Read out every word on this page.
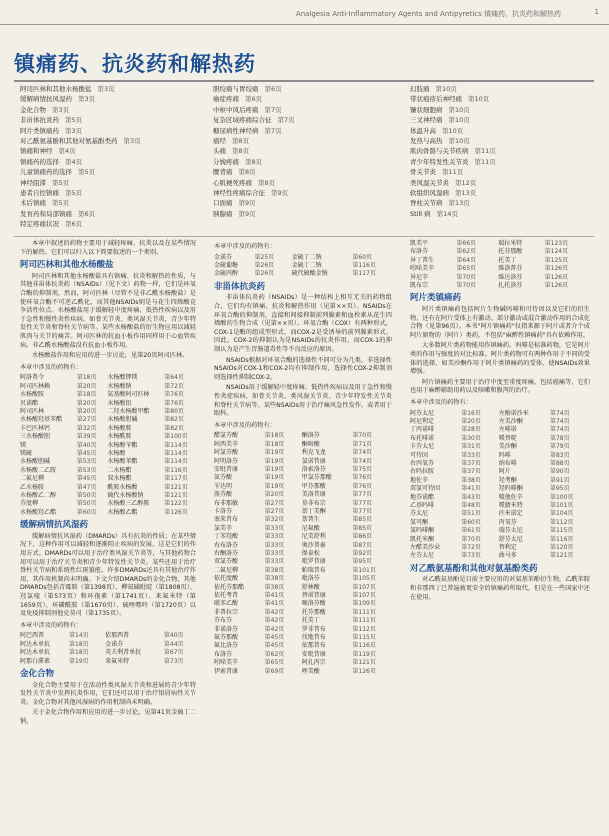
Analgesia Anti-Inflammatory Agents and Antipyretics 镇痛药、抗炎药和解热药	1
镇痛药、抗炎药和解热药
阿司匹林和其他水杨酸盐 第3页
缓解病情抗风湿药 第3页
金化合物 第3页
非甾体抗炎药 第5页
阿片类镇痛药 第3页
对乙酰氨基酚和其他对氨基酚类药 第3页
镇痛和神经 第4页
镇痛药的选择 第4页
儿童镇痛药的选择 第5页
神经阻滞 第5页
患者自控镇痛 第5页
术后镇痛 第5页
发育药和局部镇痛 第6页
特定疼痛状况 第6页
胆绞痛与胃绞痛 第6页
癌症疼痛 第6页
中枢中风后疼痛 第7页
复杂区域疼痛综合征 第7页
糖尿病性神经病 第7页
痛经 第8页
头痛 第8页
分娩疼痛 第8页
腰背痛 第8页
心肌梗死疼痛 第8页
神经性疼痛综合征 第9页
口面痛 第9页
胰腺痛 第9页
幻肢痛 第10页
带状疱疹后神经痛 第10页
镰状细胞病 第10页
三叉神经痛 第10页
体温升高 第10页
发热与高热 第10页
肌肉骨骼与关节疾病 第11页
青少年特发性关节炎 第11页
骨关节炎 第11页
类风湿关节炎 第12页
软组织风湿病 第13页
脊柱关节病 第13页
Still 病 第14页

本章中叙述的药物主要用于减轻疼痛、抗炎以及在某些情况下的解热。它们可以归入以下简要叙述的一个类别。

阿司匹林和其他水杨酸盐

阿司匹林和其他水杨酸盐具有镇痛、抗炎和解热的性质，与其他非甾体抗炎药（NSAIDs）（见下文）药物一样，它们是环氧合酶的抑制剂，然而，阿司匹林（尽管不是非乙酰水杨酸盐）是使环氧合酶不可逆乙酰化，而其他NSAIDs则是与花生四烯酸竞争活性位点。水杨酸盐用于缓解轻中度疼痛、低热性疾病以及用于急性和慢性炎性疾病，如骨关节炎、类风湿关节炎，青少年特发性关节炎和脊柱关节病等。某些水杨酸盐的衍生物应用以减轻肌肉与关节的痛苦。阿司匹林的抗血小板作用同样用于心血管疾病。非乙酰水杨酸盐没有抗血小板作用。

水杨酸盐作用和应用的进一步讨论，见第20页阿司匹林。

本章中涉及的药物有：
阿洛普令	第18页		水杨酸钾镁	第64页
阿司匹林赖	第20页		水杨酸钠	第72页
水杨酸胺	第18页		氨基酸阿司匹林	第76页
贝诺酯	第20页		水杨酸铝	第76页
阿司匹林	第20页		二羟水杨酸甲酯	第80页
水杨酸羟基苯酯	第27页		水杨酸胆碱	第82页
卡巴匹林钙	第32页		水杨酸胺	第82页
三水杨酸胆	第39页		水杨酰胺	第100页
镁	第40页		水杨酸苄酯	第114页
镁硫	第45页		水杨酸	第114页
水杨酸胆碱	第53页		水杨酸苯酯	第114页
水杨酸二乙胺	第53页		二水杨酯	第116页
二氟尼柳	第45页		双水杨酯	第117页
乙水杨胺	第47页		酰胺水杨酸	第121页
水杨酸乙二醇	第50页		硫代水杨酸钠	第121页
芬度柳	第50页		水杨酸三乙醇胺	第122页
水杨酸羟乙酯	第60页		水杨酸乙酯	第126页
缓解病情抗风湿药

缓解病情抗风湿药（DMARDs）具有抗炎的性质；在某些情况下，这种作用可以减轻和逐渐阻止疾病的发展，这是它们的作用方式。DMARDs可以用于治疗类风湿关节炎等，与其他药物合用可以用于治疗关节炎和青少年特发性关节炎。某些还用于治疗脊柱关节病和系统性红斑狼疮。许多DMARDs还具有其他治疗作用，其作用机制尚未明确。下文介绍DMARDs的金化合物，其他DMARDs包括青霉胺（第1398页）、柳氮磺吡啶（第1808页）、羟氯喹（第573页）和环孢素（第1741页）、来氟米特（第1659页）、环磷酰胺（第1670页）、硫唑嘌呤（第1720页）以及免疫抑制剂他克莫司（第1735页）。

本章中涉及的药物有：
阿巴西普	第14页		依那西普	第40页
阿达木单抗	第18页		金诺芬	第44页
阿达木单抗	第18页		英夫利昔单抗	第67页
阿那白滞素	第19页		来氟米特	第73页
金化合物

金化合物主要用于在活动性类风湿关节炎和进展的青少年特发性关节炎中发挥抗炎作用，它们还可以用于治疗银屑病性关节炎。金化合物对其他风湿病的作用机制尚未明确。

关于金化合物作用和应用的进一步讨论，见第41页金硫丁二钠。

本章中涉及的药物有：
金诺芬	第25页		金硫丁二钠	第60页
金硫葡糖	第26页		金硫丁二钠	第116页
金硫丙醇	第26页		硫代硫酸金钠	第117页
非甾体抗炎药

非甾体抗炎药（NSAIDs）是一种结构上相互无关的药物组合，它们均有镇痛、抗炎和解热作用（见第××页）。NSAIDs在环氧合酶的抑制剂，直接和间接抑制前列腺素和血栓素从花生四烯酸的生物合成（见第××页）。环氧合酶（COX）有两种形式，COX-1是酶的组成型形式，而COX-2是受诱导的前列腺素形式。因此，COX-2的抑制认为是NSAIDs的抗炎作用，而COX-1的抑制认为是产生胃肠道毒性等不良反应的原因。

NSAIDs根据对环氧合酶的选择性不同可分为几类，非选择性NSAIDs对COX-1和COX-2均有抑制作用，选择性COX-2抑制剂则选择性抑制COX-2。

NSAIDs用于缓解轻中度疼痛、低热性疾病以及用于急性和慢性炎症疾病，如骨关节炎、类风湿关节炎、青少年特发性关节炎和脊柱关节病等。某些NSAIDs用于治疗痛风急性发作，或者用于眼科。

本章中涉及的药物有：
醋氯芬酸	第18页		酮洛芬	第70页
阿西美辛	第18页		酮咯酸	第71页
阿氯芬酸	第19页		利克飞龙	第74页
阿明洛芬	第19页		氯诺昔康	第74页
安吡昔康	第19页		洛索洛芬	第75页
氨芬酸	第19页		甲氯芬那酸	第76页
苄达明	第19页		甲芬那酸	第76页
溴芬酸	第20页		美洛昔康	第77页
布非那敏	第27页		莫非布宗	第77页
卡洛芬	第27页		萘丁美酮	第77页
塞来昔布	第32页		萘普生	第85页
氯美辛	第33页		尼氟酸	第85页
丁苯羟酸	第33页		尼美舒利	第86页
右布洛芬	第33页		奥沙普秦	第87页
右酮洛芬	第33页		保泰松	第92页
双氯芬酸	第33页		吡罗昔康	第95页
二氟尼柳	第38页		帕瑞昔布	第101页
依托度酸	第38页		吡洛芬	第105页
依托芬那酯	第38页		舒林酸	第107页
依托考昔	第41页		替诺昔康	第107页
联苯乙酸	第41页		噻洛芬酸	第109页
非普拉宗	第42页		托芬那酸	第111页
芬布芬	第42页		托美丁	第111页
非诺洛芬	第42页		罗非昔布	第112页
氟芬那酸	第45页		伐地昔布	第115页
氟比洛芬	第45页		依那昔布	第116页
布洛芬	第62页		安吡昔康	第119页
吲哚美辛	第65页		阿扎丙宗	第121页
伊索昔康	第69页		唑美酸	第126页
凯美平	第66页		瑞拉米特	第123页
布洛芬	第62页		托芬那酸	第124页
异丁普生	第64页		托美丁	第125页
吲哚美辛	第65页		维洛普芬	第126页
异尼辛	第70页		维达洛芬	第126页
凯布宗	第70页		扎托洛芬	第126页
阿片类镇痛药

阿片类镇痛药包括阿片生物碱吗啡和可待因以及它们的衍生物，还有在阿片受体上有激动、部分激动或混合激动作用的合成化合物（见第96页）。本书"阿片镇痛药"仅指来源于阿片或者介个成阿片原物的（阿片）类药，不包括"麻醉性镇痛药"具有依赖作用。

大多数阿片类药物能用作镇痛药。吗啡是标准药物，它是阿片类的作用与强度的对比标准。阿片类药物可有两种作用于不同的受体的选择，如美沙酮作用于阿片类镇痛药的受体，使NSAIDs效果增强。

阿片镇痛药主要用于治疗中度至重度疼痛，包括癌痛等，它们也用于麻醉辅助用药以及咳嗽和腹泻的治疗。

本章中涉及的药物有：
阿芬太尼	第16页		左酚诺沙米	第74页
阿尼利定	第20页		左美沙酮	第74页
丁丙诺啡	第28页		左啡诺	第74页
布托啡诺	第30页		哌替啶	第78页
卡芬太尼	第31页		美沙酮	第79页
可待因	第33页		吗啡	第83页
右丙氧芬	第37页		纳布啡	第88页
右吗拉胺	第37页		阿片	第90页
地佐辛	第38页		羟考酮	第91页
双氢可待因	第41页		羟吗啡酮	第95页
地芬诺酯	第43页		喷他佐辛	第100页
乙基吗啡	第48页		哌腈米特	第101页
芬太尼	第51页		匹米诺定	第104页
氢可酮	第60页		丙氧芬	第112页
氢吗啡酮	第61页		瑞芬太尼	第115页
凯托米酮	第70页		舒芬太尼	第116页
左醋美沙朵	第72页		替利定	第120页
左芬太尼	第73页		曲马多	第121页
对乙酰氨基酚和其他对氨基酚类药

对乙酰氨基酚是目前主要应用的对氨基苯酚衍生物，乙酰苯胺和非那西丁已普遍被更安全的镇痛药所取代，但是在一些国家中还在使用。
